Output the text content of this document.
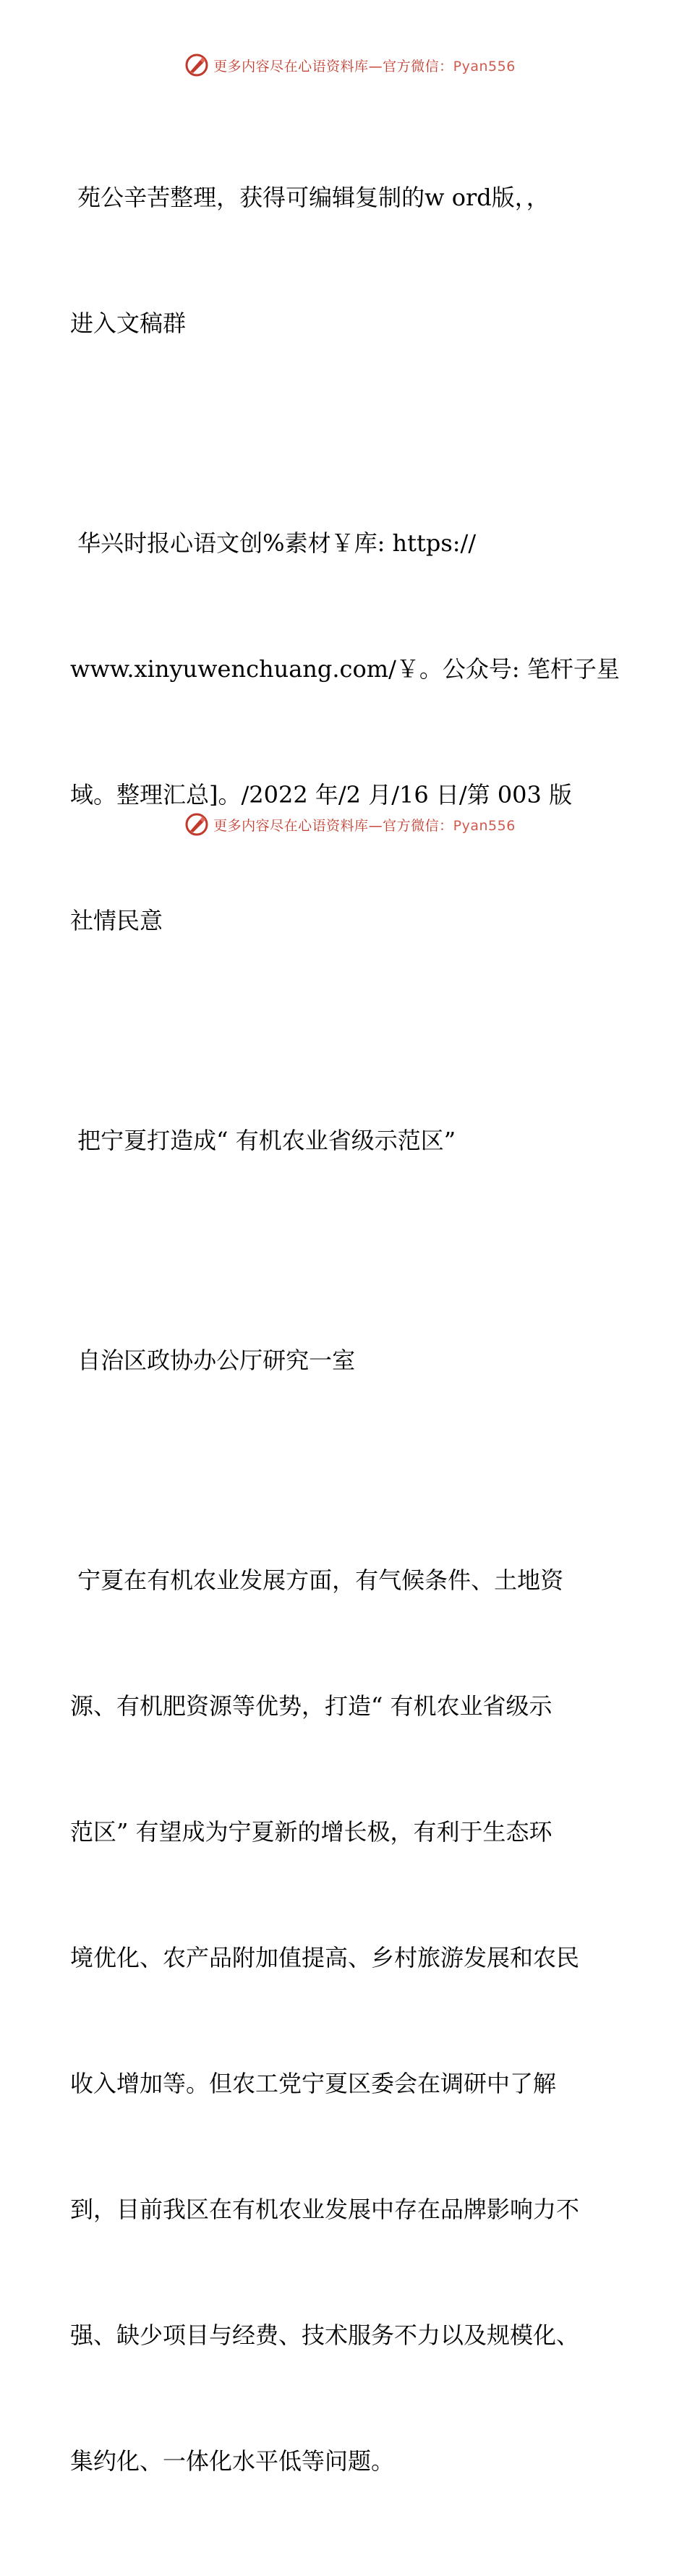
更多内容尽在心语资料库—官方微信：Pyan556

苑公辛苦整理，获得可编辑复制的w ord版，，

进入文稿群

华兴时报心语文创%素材￥库: https://

www.xinyuwenchuang.com/￥。公众号: 笔杆子星

域。整理汇总]。/2022 年/2 月/16 日/第 003 版

社情民意

把宁夏打造成“ 有机农业省级示范区”

自治区政协办公厅研究一室

宁夏在有机农业发展方面，有气候条件、土地资

源、有机肥资源等优势，打造“ 有机农业省级示

范区” 有望成为宁夏新的增长极，有利于生态环

境优化、农产品附加值提高、乡村旅游发展和农民

收入增加等。但农工党宁夏区委会在调研中了解

到，目前我区在有机农业发展中存在品牌影响力不

强、缺少项目与经费、技术服务不力以及规模化、

集约化、一体化水平低等问题。

更多内容尽在心语资料库—官方微信：Pyan556
